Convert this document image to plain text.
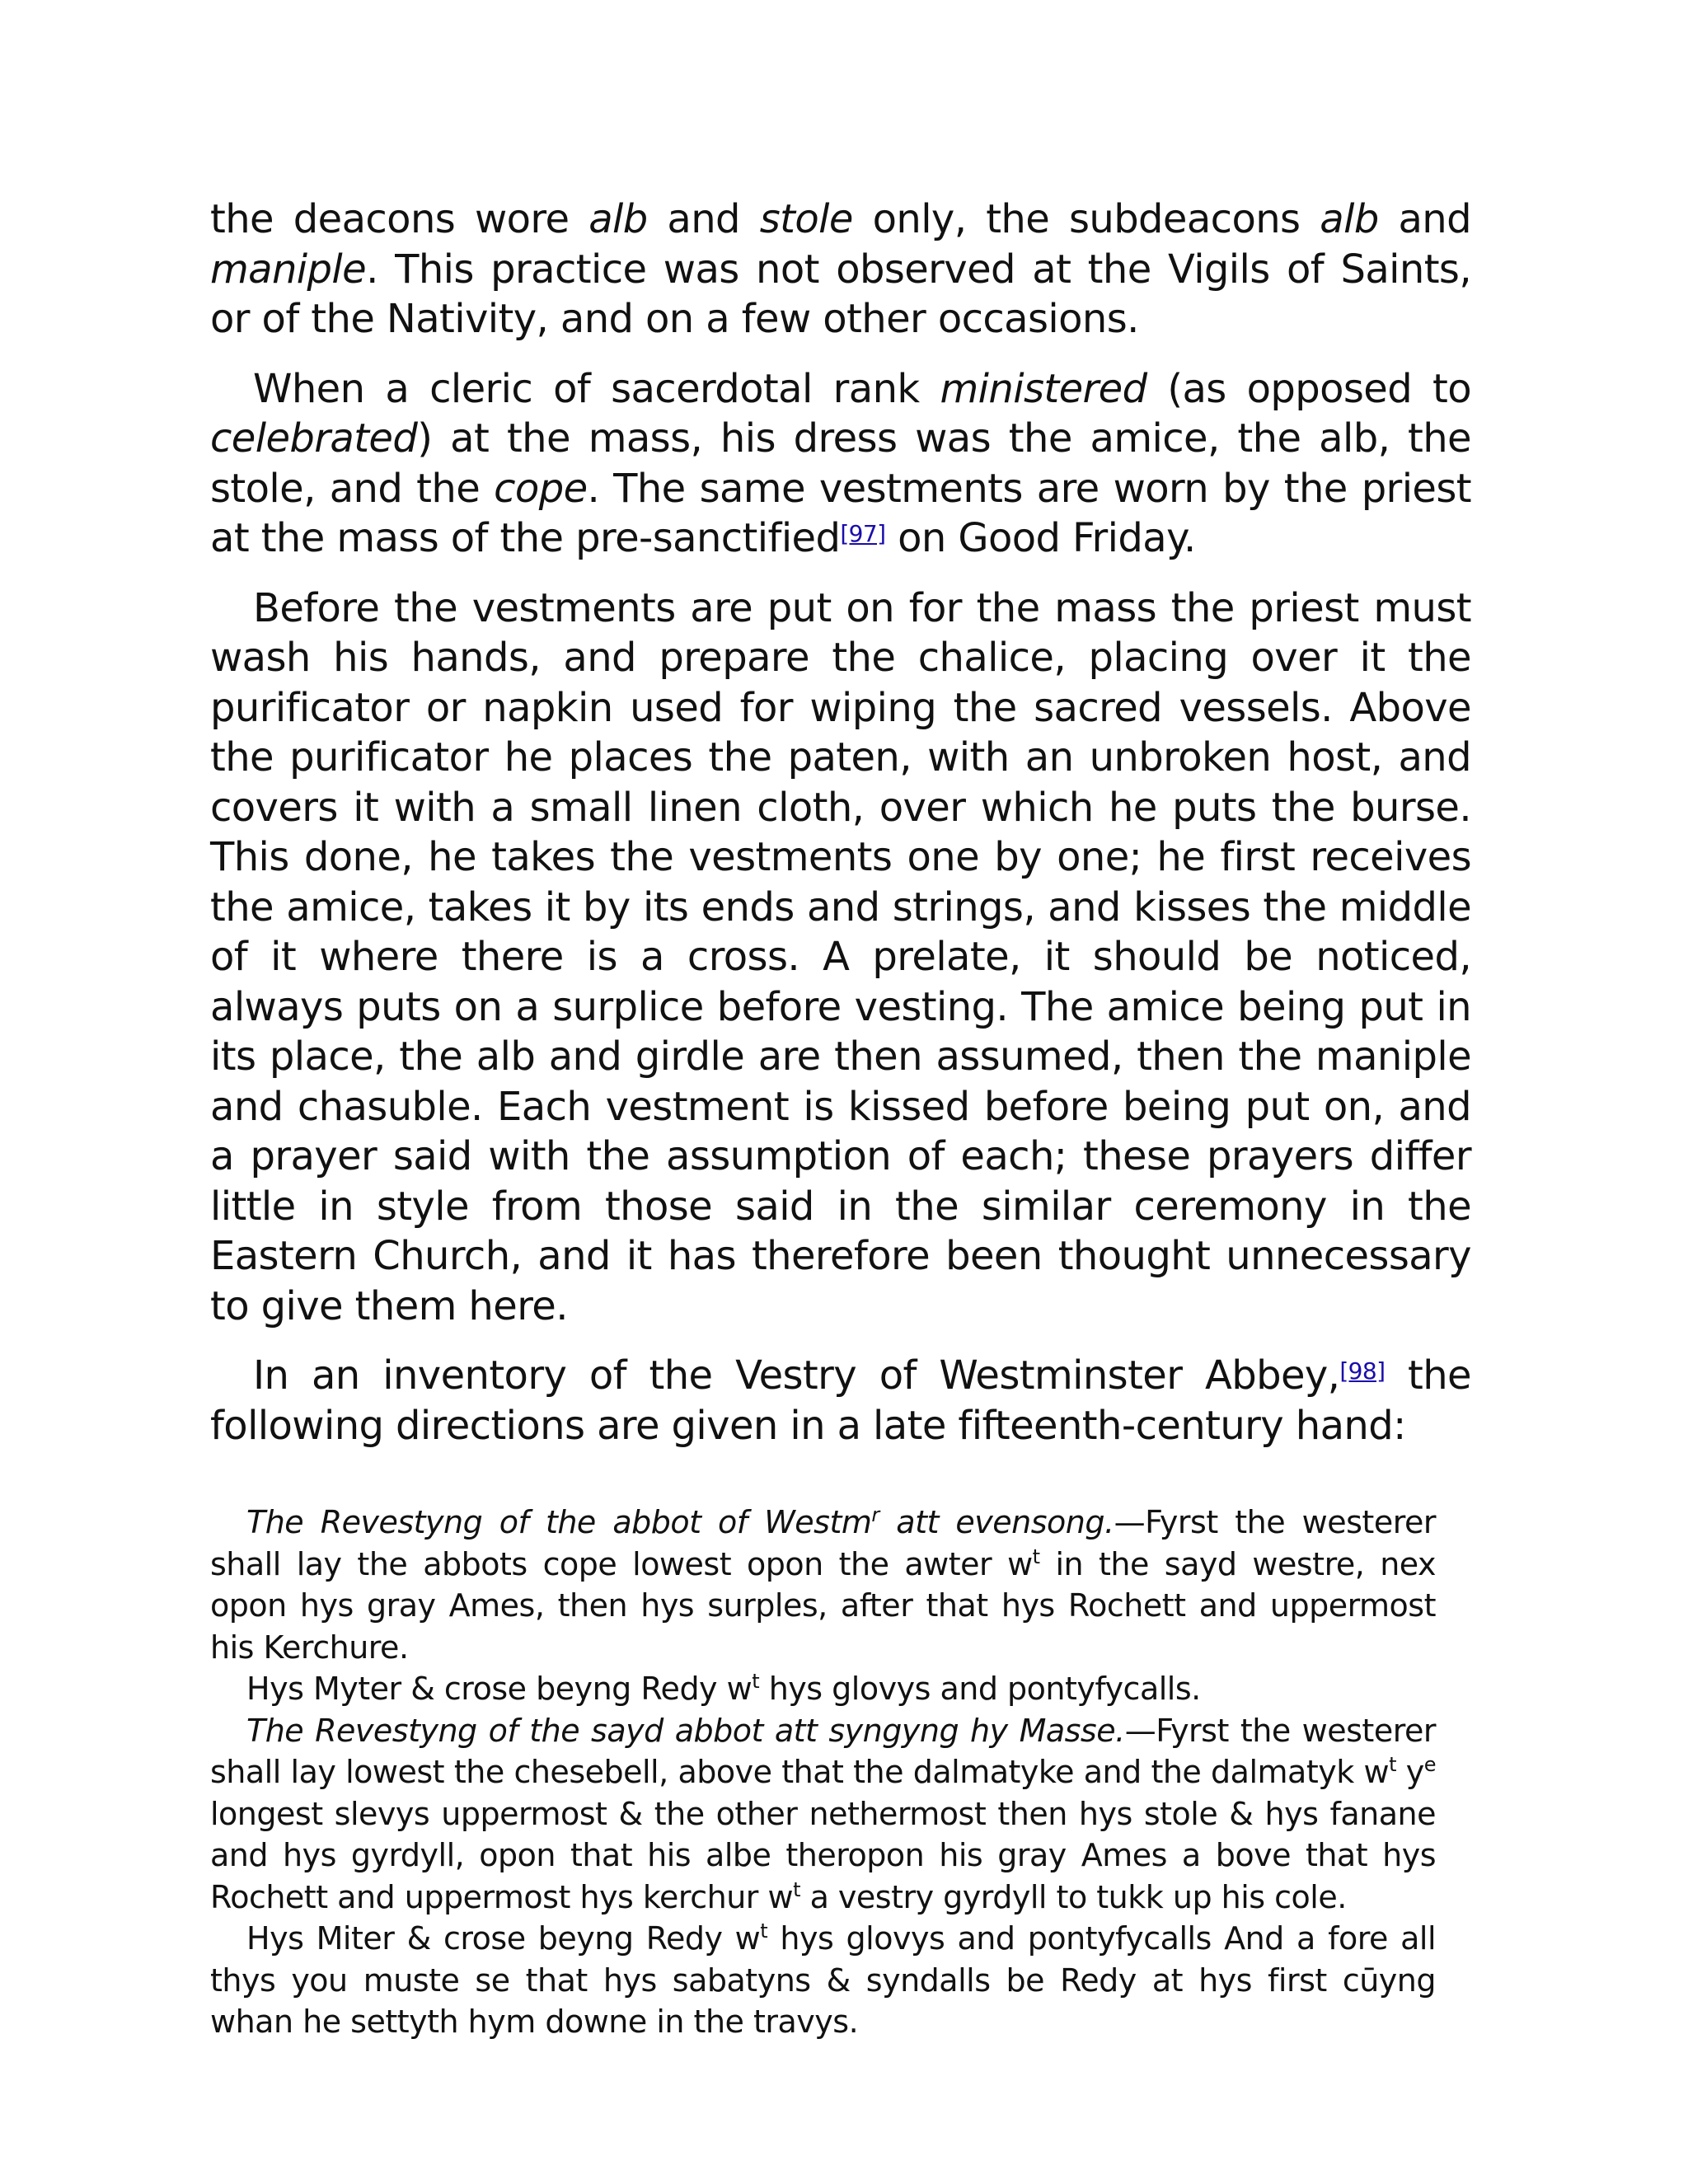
the deacons wore alb and stole only, the subdeacons alb and maniple. This practice was not observed at the Vigils of Saints, or of the Nativity, and on a few other occasions.

When a cleric of sacerdotal rank ministered (as opposed to celebrated) at the mass, his dress was the amice, the alb, the stole, and the cope. The same vestments are worn by the priest at the mass of the pre-sanctified[97] on Good Friday.

Before the vestments are put on for the mass the priest must wash his hands, and prepare the chalice, placing over it the purificator or napkin used for wiping the sacred vessels. Above the purificator he places the paten, with an unbroken host, and covers it with a small linen cloth, over which he puts the burse. This done, he takes the vestments one by one; he first receives the amice, takes it by its ends and strings, and kisses the middle of it where there is a cross. A prelate, it should be noticed, always puts on a surplice before vesting. The amice being put in its place, the alb and girdle are then assumed, then the maniple and chasuble. Each vestment is kissed before being put on, and a prayer said with the assumption of each; these prayers differ little in style from those said in the similar ceremony in the Eastern Church, and it has therefore been thought unnecessary to give them here.

In an inventory of the Vestry of Westminster Abbey,[98] the following directions are given in a late fifteenth-century hand:

The Revestyng of the abbot of Westm$^r$ att evensong.—Fyrst the westerer shall lay the abbots cope lowest opon the awter $w^t$ in the sayd westre, nex opon hys gray Ames, then hys surples, after that hys Rochett and uppermost his Kerchure.

Hys Myter & crose beyng Redy $w^t$ hys glovys and pontyfycalls.

The Revestyng of the sayd abbot att syngyng hy Masse.—Fyrst the westerer shall lay lowest the chesebell, above that the dalmatyke and the dalmatyk $w^t$ $y^e$ longest slevys uppermost & the other nethermost then hys stole & hys fanane and hys gyrdyll, opon that his albe theropon his gray Ames a bove that hys Rochett and uppermost hys kerchur $w^t$ a vestry gyrdyll to tukk up his cole.

Hys Miter & crose beyng Redy $w^t$ hys glovys and pontyfycalls And a fore all thys you muste se that hys sabatyns & syndalls be Redy at hys first cūyng whan he settyth hym downe in the travys.
